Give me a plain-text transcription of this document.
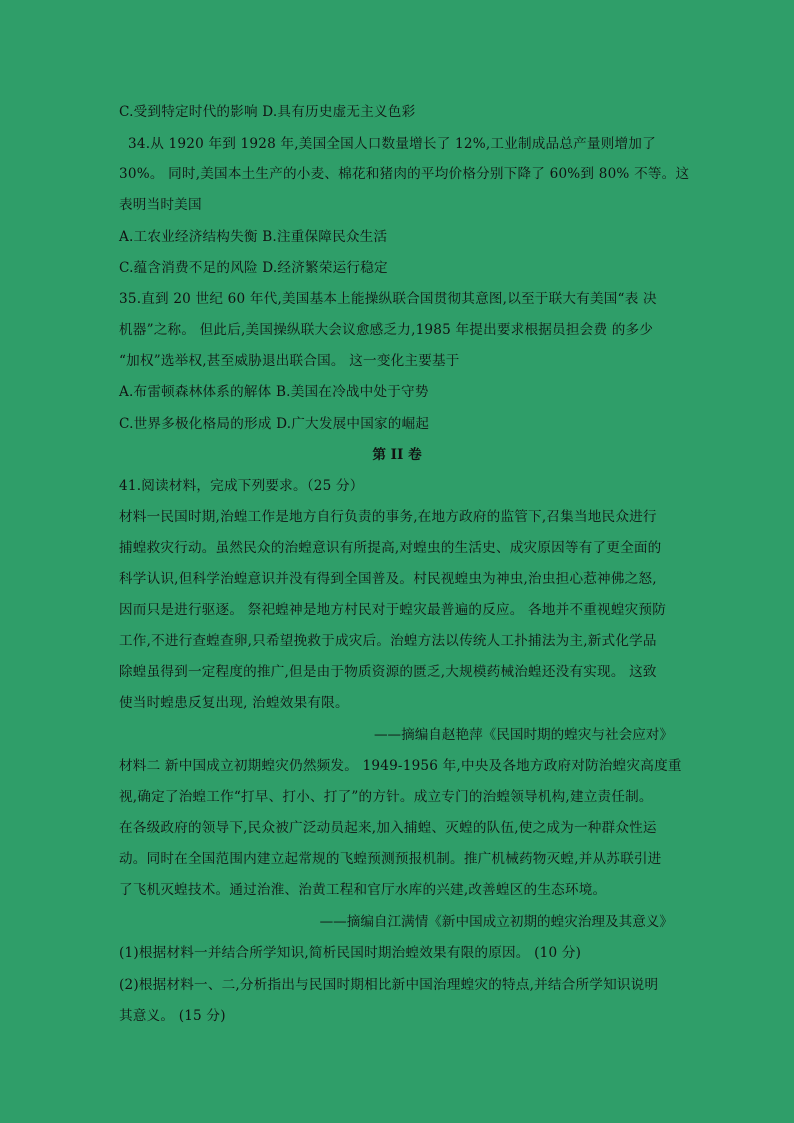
C.受到特定时代的影响 D.具有历史虚无主义色彩
34.从 1920 年到 1928 年,美国全国人口数量增长了 12%,工业制成品总产量则增加了
30%。 同时,美国本土生产的小麦、棉花和猪肉的平均价格分别下降了 60%到 80% 不等。这
表明当时美国
A.工农业经济结构失衡 B.注重保障民众生活
C.蕴含消费不足的风险 D.经济繁荣运行稳定
35.直到 20 世纪 60 年代,美国基本上能操纵联合国贯彻其意图,以至于联大有美国“表 决
机器”之称。 但此后,美国操纵联大会议愈感乏力,1985 年提出要求根据员担会费 的多少
“加权”选举权,甚至威胁退出联合国。 这一变化主要基于
A.布雷顿森林体系的解体 B.美国在冷战中处于守势
C.世界多极化格局的形成 D.广大发展中国家的崛起
第 II 卷
41.阅读材料，完成下列要求。（25 分）
材料一民国时期,治蝗工作是地方自行负责的事务,在地方政府的监管下,召集当地民众进行
捕蝗救灾行动。虽然民众的治蝗意识有所提高,对蝗虫的生活史、成灾原因等有了更全面的
科学认识,但科学治蝗意识并没有得到全国普及。村民视蝗虫为神虫,治虫担心惹神佛之怒,
因而只是进行驱逐。 祭祀蝗神是地方村民对于蝗灾最普遍的反应。 各地并不重视蝗灾预防
工作,不进行查蝗查卵,只希望挽救于成灾后。治蝗方法以传统人工扑捕法为主,新式化学品
除蝗虽得到一定程度的推广,但是由于物质资源的匮乏,大规模药械治蝗还没有实现。 这致
使当时蝗患反复出现, 治蝗效果有限。
——摘编自赵艳萍《民国时期的蝗灾与社会应对》
材料二 新中国成立初期蝗灾仍然频发。 1949-1956 年,中央及各地方政府对防治蝗灾高度重
视,确定了治蝗工作“打早、打小、打了”的方针。成立专门的治蝗领导机构,建立责任制。
在各级政府的领导下,民众被广泛动员起来,加入捕蝗、灭蝗的队伍,使之成为一种群众性运
动。同时在全国范围内建立起常规的飞蝗预测预报机制。推广机械药物灭蝗,并从苏联引进
了飞机灭蝗技术。通过治淮、治黄工程和官厅水库的兴建,改善蝗区的生态环境。
——摘编自江满情《新中国成立初期的蝗灾治理及其意义》
(1)根据材料一并结合所学知识,简析民国时期治蝗效果有限的原因。 (10 分)
(2)根据材料一、二,分析指出与民国时期相比新中国治理蝗灾的特点,并结合所学知识说明
其意义。 (15 分)
